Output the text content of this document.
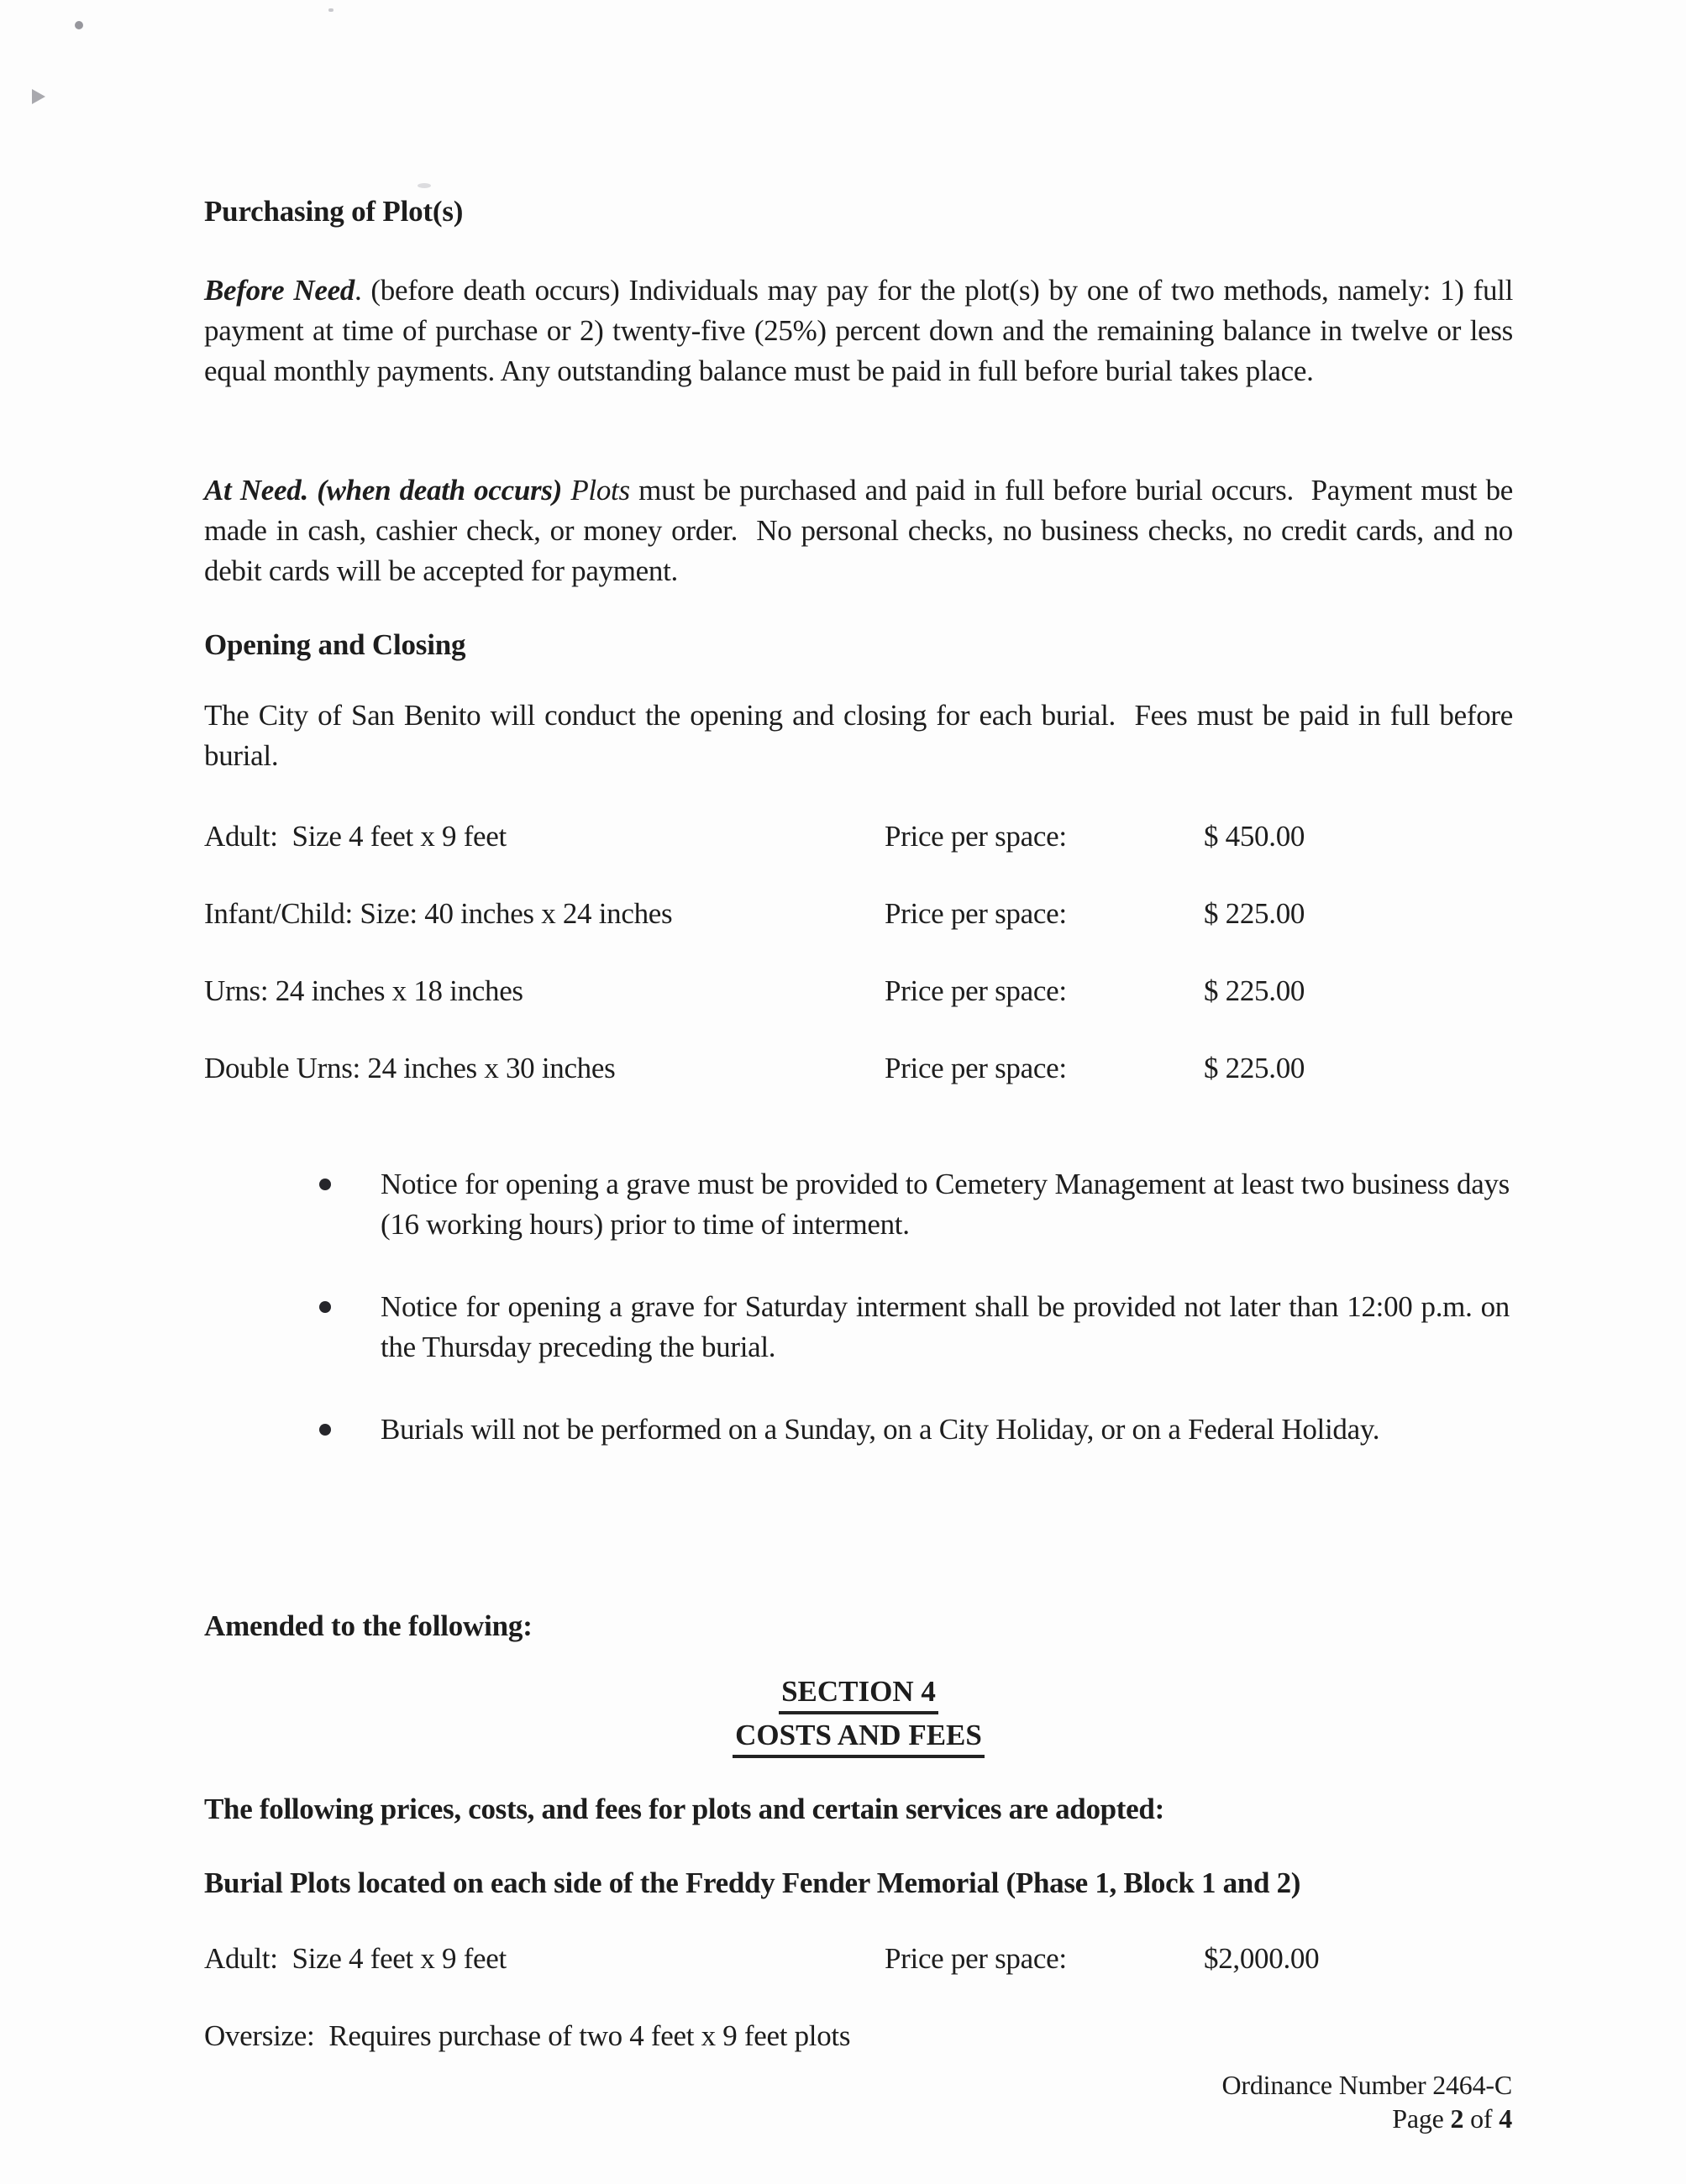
Purchasing of Plot(s)

Before Need. (before death occurs) Individuals may pay for the plot(s) by one of two methods, namely: 1) full payment at time of purchase or 2) twenty-five (25%) percent down and the remaining balance in twelve or less equal monthly payments. Any outstanding balance must be paid in full before burial takes place.

At Need. (when death occurs) Plots must be purchased and paid in full before burial occurs.  Payment must be made in cash, cashier check, or money order.  No personal checks, no business checks, no credit cards, and no debit cards will be accepted for payment.

Opening and Closing

The City of San Benito will conduct the opening and closing for each burial.  Fees must be paid in full before burial.

Adult:  Size 4 feet x 9 feet	Price per space:	$ 450.00
Infant/Child: Size: 40 inches x 24 inches	Price per space:	$ 225.00
Urns: 24 inches x 18 inches	Price per space:	$ 225.00
Double Urns: 24 inches x 30 inches	Price per space:	$ 225.00

Notice for opening a grave must be provided to Cemetery Management at least two business days (16 working hours) prior to time of interment.

Notice for opening a grave for Saturday interment shall be provided not later than 12:00 p.m. on the Thursday preceding the burial.

Burials will not be performed on a Sunday, on a City Holiday, or on a Federal Holiday.

Amended to the following:
SECTION 4
COSTS AND FEES

The following prices, costs, and fees for plots and certain services are adopted:

Burial Plots located on each side of the Freddy Fender Memorial (Phase 1, Block 1 and 2)

Adult:  Size 4 feet x 9 feet	Price per space:	$2,000.00

Oversize:  Requires purchase of two 4 feet x 9 feet plots

Ordinance Number 2464-C
Page 2 of 4
